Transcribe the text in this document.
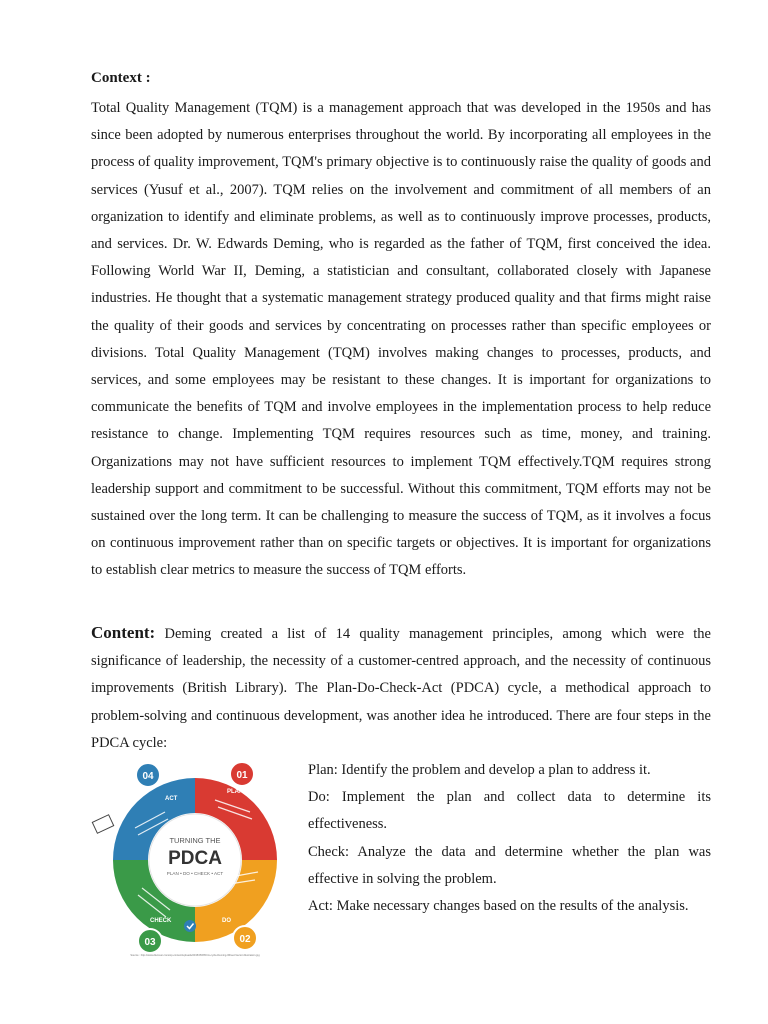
Context :

Total Quality Management (TQM) is a management approach that was developed in the 1950s and has since been adopted by numerous enterprises throughout the world. By incorporating all employees in the process of quality improvement, TQM's primary objective is to continuously raise the quality of goods and services (Yusuf et al., 2007). TQM relies on the involvement and commitment of all members of an organization to identify and eliminate problems, as well as to continuously improve processes, products, and services. Dr. W. Edwards Deming, who is regarded as the father of TQM, first conceived the idea. Following World War II, Deming, a statistician and consultant, collaborated closely with Japanese industries. He thought that a systematic management strategy produced quality and that firms might raise the quality of their goods and services by concentrating on processes rather than specific employees or divisions. Total Quality Management (TQM) involves making changes to processes, products, and services, and some employees may be resistant to these changes. It is important for organizations to communicate the benefits of TQM and involve employees in the implementation process to help reduce resistance to change. Implementing TQM requires resources such as time, money, and training. Organizations may not have sufficient resources to implement TQM effectively.TQM requires strong leadership support and commitment to be successful. Without this commitment, TQM efforts may not be sustained over the long term. It can be challenging to measure the success of TQM, as it involves a focus on continuous improvement rather than on specific targets or objectives. It is important for organizations to establish clear metrics to measure the success of TQM efforts.

Content: Deming created a list of 14 quality management principles, among which were the significance of leadership, the necessity of a customer-centred approach, and the necessity of continuous improvements (British Library). The Plan-Do-Check-Act (PDCA) cycle, a methodical approach to problem-solving and continuous development, was another idea he introduced. There are four steps in the PDCA cycle:

TURNING THE
PDCA
PLAN • DO • CHECK • ACT
PLAN
DO
CHECK
ACT
01
02
03
04
Source : http://www.discover.com/wp-content/uploads/2015/05/PDCA-cycle-Deming-Wheel-Vector-Illustration.jpg

Plan: Identify the problem and develop a plan to address it.

Do: Implement the plan and collect data to determine its effectiveness.

Check: Analyze the data and determine whether the plan was effective in solving the problem.

Act: Make necessary changes based on the results of the analysis.
